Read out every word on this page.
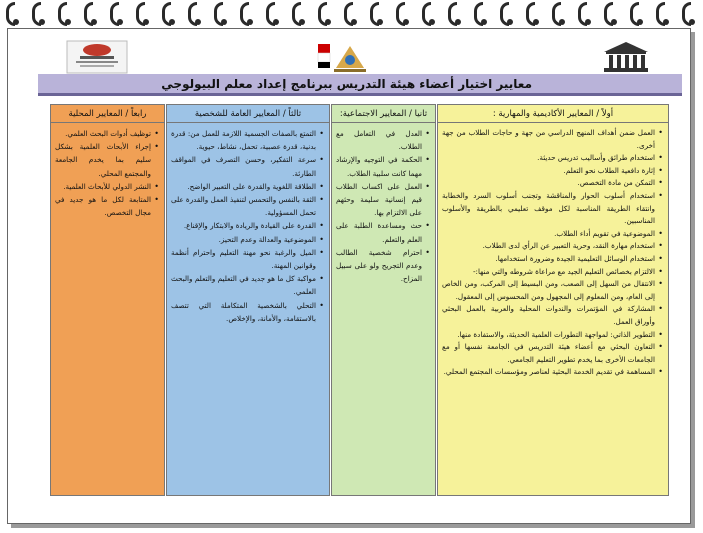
معايير اختيار أعضاء هيئة التدريس ببرنامج إعداد معلم البيولوجي
أولاً / المعايير الأكاديمية والمهارية :
• العمل ضمن أهداف المنهج الدراسي من جهة و حاجات الطلاب من جهة أخرى.
• استخدام طرائق وأساليب تدريس حديثة.
• إثارة دافعية الطلاب نحو التعلم.
• التمكن من مادة التخصص.
• استخدام أسلوب الحوار والمناقشة وتجنب أسلوب السرد والخطابة وانتقاء الطريقة المناسبة لكل موقف تعليمي بالطريقة والأسلوب المناسبين.
• الموضوعية في تقويم أداء الطلاب.
• استخدام مهارة النقد، وحرية التعبير عن الرأي لدى الطلاب.
• استخدام الوسائل التعليمية الجيدة وضرورة استخدامها.
• الالتزام بخصائص التعليم الجيد مع مراعاة شروطه والتي منها:-
• الانتقال من السهل إلى الصعب، ومن البسيط إلى المركب، ومن الخاص إلى العام، ومن المعلوم إلى المجهول ومن المحسوس إلى المعقول.
• المشاركة في المؤتمرات والندوات المحلية والعربية بالعمل البحثي وأوراق العمل.
• التطوير الذاتي: لمواجهة التطورات العلمية الحديثة، والاستفادة منها.
• التعاون البحثي مع أعضاء هيئة التدريس في الجامعة نفسها أو مع الجامعات الأخرى بما يخدم تطوير التعليم الجامعي.
• المساهمة في تقديم الخدمة البحثية لعناصر ومؤسسات المجتمع المحلي.
ثانيا / المعايير الاجتماعية:
• العدل في التعامل مع الطلاب.
• الحكمة في التوجيه والإرشاد مهما كانت سلبية الطلاب.
• العمل على اكساب الطلاب قيم إنسانية سليمة وحثهم على الالتزام بها.
• حث ومساعدة الطلبة على العلم والتعلم.
• احترام شخصية الطالب وعدم التجريح ولو على سبيل المزاح.
ثالثاً / المعايير العامة للشخصية
• التمتع بالصفات الجسمية اللازمة للعمل من: قدرة بدنية، قدرة عصبية، تحمل، نشاط، حيوية.
• سرعة التفكير، وحسن التصرف في المواقف الطارئة.
• الطلاقة اللغوية والقدرة على التعبير الواضح.
• الثقة بالنفس والتحمس لتنفيذ العمل والقدرة على تحمل المسؤولية.
• القدرة على القيادة والريادة والابتكار والإقناع.
• الموضوعية والعدالة وعدم التحيز.
• الميل والرغبة نحو مهنة التعليم واحترام أنظمة وقوانين المهنة.
• مواكبة كل ما هو جديد في التعليم والتعلم والبحث العلمي.
• التحلي بالشخصية المتكاملة التي تتصف بالاستقامة، والأمانة، والإخلاص.
رابعاً / المعايير المحلية
• توظيف أدوات البحث العلمي.
• إجراء الأبحاث العلمية بشكل سليم بما يخدم الجامعة والمجتمع المحلي.
• النشر الدولي للأبحاث العلمية.
• المتابعة لكل ما هو جديد في مجال التخصص.
